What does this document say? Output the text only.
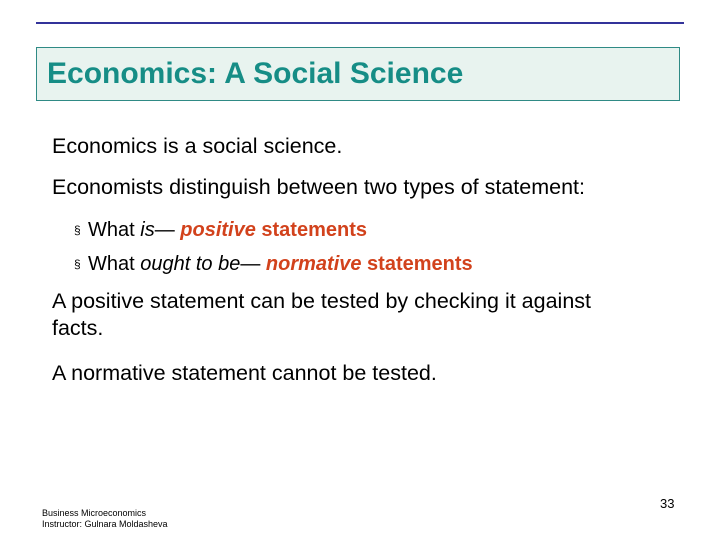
Economics: A Social Science
Economics is a social science.
Economists distinguish between two types of statement:
§ What is— positive statements
§ What ought to be— normative statements
A positive statement can be tested by checking it against
facts.
A normative statement cannot be tested.
Business Microeconomics
Instructor: Gulnara Moldasheva
33
